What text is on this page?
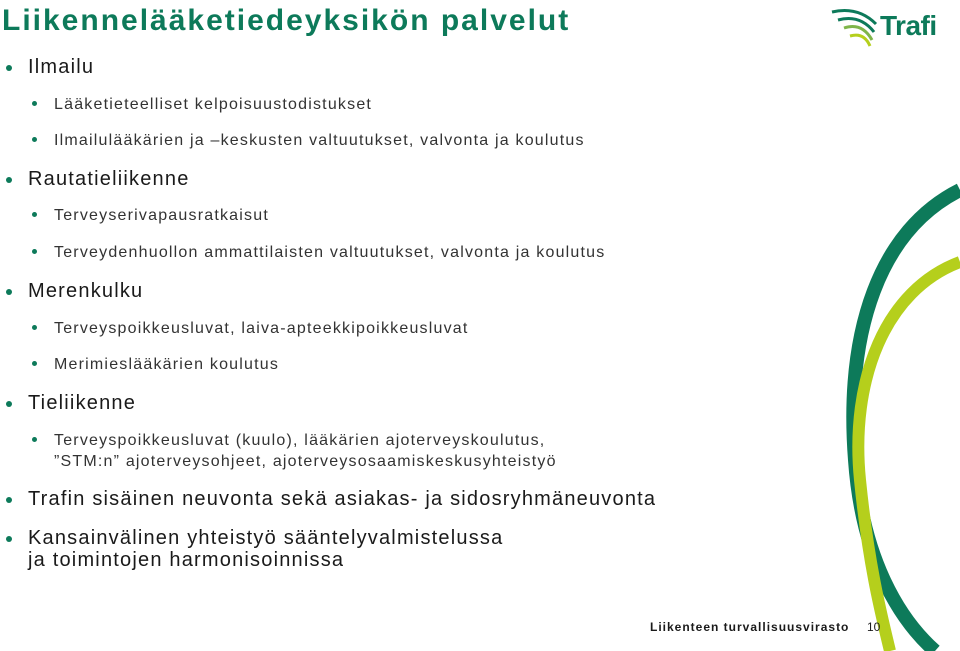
Liikennelääketiedeyksikön palvelut	Trafi
Ilmailu
Lääketieteelliset kelpoisuustodistukset
Ilmailulääkärien ja –keskusten valtuutukset, valvonta ja koulutus
Rautatieliikenne
Terveyserivapausratkaisut
Terveydenhuollon ammattilaisten valtuutukset, valvonta ja koulutus
Merenkulku
Terveyspoikkeusluvat, laiva-apteekkipoikkeusluvat
Merimieslääkärien koulutus
Tieliikenne
Terveyspoikkeusluvat (kuulo), lääkärien ajoterveyskoulutus,
”STM:n” ajoterveysohjeet, ajoterveysosaamiskeskusyhteistyö
Trafin sisäinen neuvonta sekä asiakas- ja sidosryhmäneuvonta
Kansainvälinen yhteistyö sääntelyvalmistelussa
ja toimintojen harmonisoinnissa
Liikenteen turvallisuusvirasto 10
